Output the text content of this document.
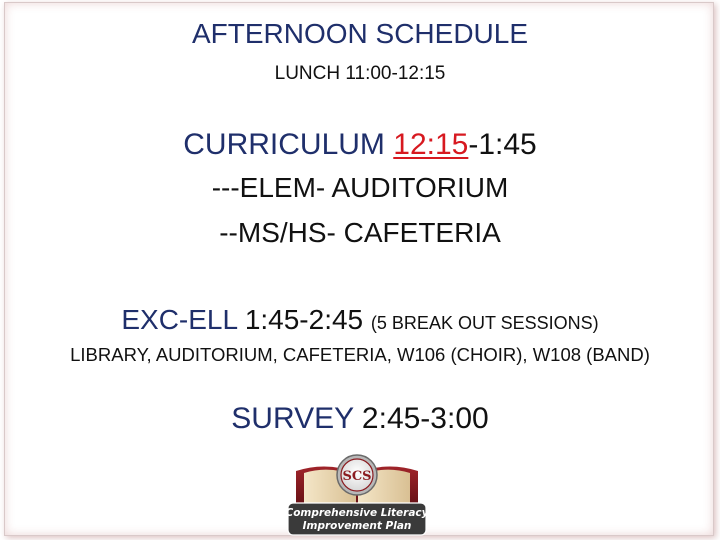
AFTERNOON SCHEDULE
LUNCH 11:00-12:15
CURRICULUM 12:15-1:45
---ELEM- AUDITORIUM
--MS/HS- CAFETERIA
EXC-ELL 1:45-2:45 (5 BREAK OUT SESSIONS)
LIBRARY, AUDITORIUM, CAFETERIA, W106 (CHOIR), W108 (BAND)
SURVEY 2:45-3:00
SCS
Comprehensive Literacy
Improvement Plan
